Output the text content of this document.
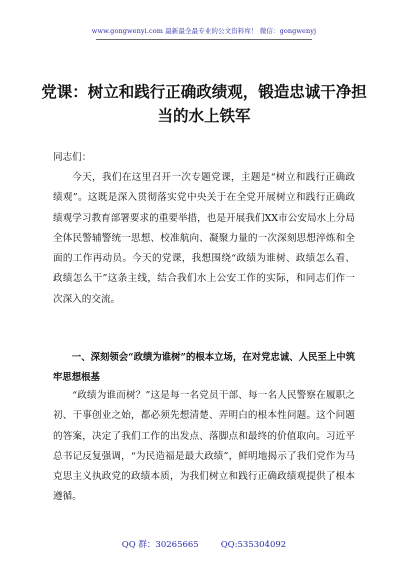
www.gongwenyi.com 最新最全最专业的公文资料库！ 微信：gongwenyj
党课：树立和践行正确政绩观，锻造忠诚干净担当的水上铁军
同志们：
今天，我们在这里召开一次专题党课，主题是“树立和践行正确政绩观”。这既是深入贯彻落实党中央关于在全党开展树立和践行正确政绩观学习教育部署要求的重要举措，也是开展我们XX市公安局水上分局全体民警辅警统一思想、校准航向、凝聚力量的一次深刻思想淬炼和全面的工作再动员。今天的党课，我想围绕“政绩为谁树、政绩怎么看、政绩怎么干”这条主线，结合我们水上公安工作的实际，和同志们作一次深入的交流。
一、深刻领会“政绩为谁树”的根本立场，在对党忠诚、人民至上中筑牢思想根基
“政绩为谁而树？”这是每一名党员干部、每一名人民警察在履职之初、干事创业之始，都必须先想清楚、弄明白的根本性问题。这个问题的答案，决定了我们工作的出发点、落脚点和最终的价值取向。习近平总书记反复强调，“为民造福是最大政绩”，鲜明地揭示了我们党作为马克思主义执政党的政绩本质，为我们树立和践行正确政绩观提供了根本遵循。
QQ 群：30265665	QQ:535304092
